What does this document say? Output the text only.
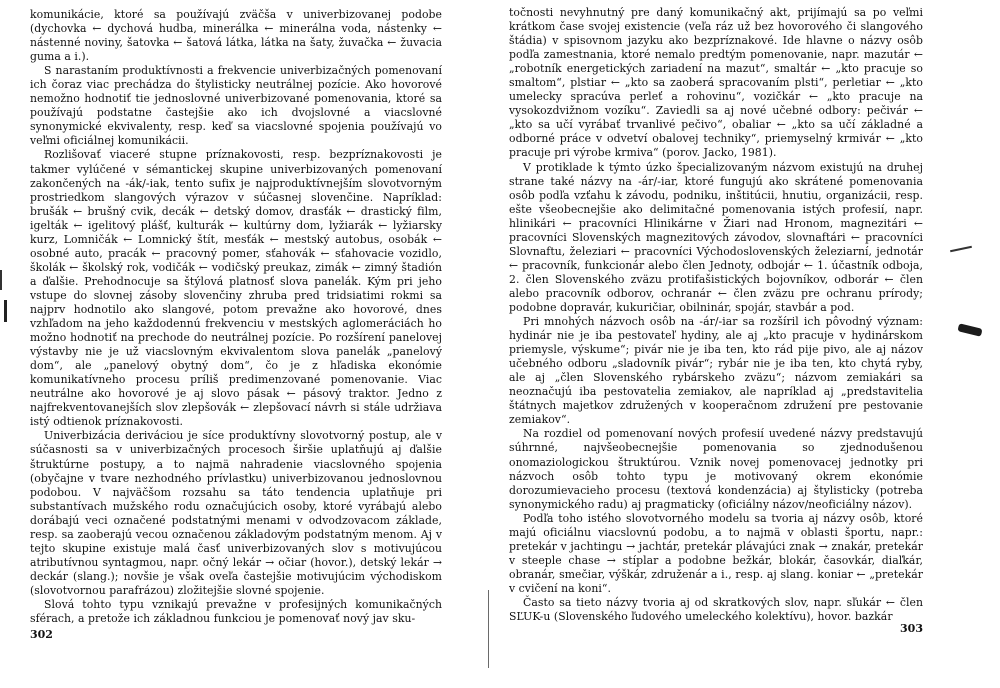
komunikácie, ktoré sa používajú zväčša v univerbizovanej podobe (dychovka ← dychová hudba, minerálka ← minerálna voda, nástenky ← nástenné noviny, šatovka ← šatová látka, látka na šaty, žuvačka ← žuvacia guma a i.).

S narastaním produktívnosti a frekvencie univerbizačných pomenovaní ich čoraz viac prechádza do štylisticky neutrálnej pozície. Ako hovorové nemožno hodnotiť tie jednoslovné univerbizované pomenovania, ktoré sa používajú podstatne častejšie ako ich dvojslovné a viacslovné synonymické ekvivalenty, resp. keď sa viacslovné spojenia používajú vo veľmi oficiálnej komunikácii.

Rozlišovať viaceré stupne príznakovosti, resp. bezpríznakovosti je takmer vylúčené v sémantickej skupine univerbizovaných pomenovaní zakončených na -ák/-iak, tento sufix je najproduktívnejším slovotvorným prostriedkom slangových výrazov v súčasnej slovenčine. Napríklad: brušák ← brušný cvik, decák ← detský domov, drasťák ← drastický film, igelták ← igelitový plášť, kulturák ← kultúrny dom, lyžiarák ← lyžiarsky kurz, Lomničák ← Lomnický štít, mesťák ← mestský autobus, osobák ← osobné auto, pracák ← pracovný pomer, sťahovák ← sťahovacie vozidlo, školák ← školský rok, vodičák ← vodičský preukaz, zimák ← zimný štadión a ďalšie. Prehodnocuje sa štýlová platnosť slova panelák. Kým pri jeho vstupe do slovnej zásoby slovenčiny zhruba pred tridsiatimi rokmi sa najprv hodnotilo ako slangové, potom prevažne ako hovorové, dnes vzhľadom na jeho každodennú frekvenciu v mestských aglomeráciách ho možno hodnotiť na prechode do neutrálnej pozície. Po rozšírení panelovej výstavby nie je už viacslovným ekvivalentom slova panelák „panelový dom“, ale „panelový obytný dom“, čo je z hľadiska ekonómie komunikatívneho procesu príliš predimenzované pomenovanie. Viac neutrálne ako hovorové je aj slovo pásak ← pásový traktor. Jedno z najfrekventovanejších slov zlepšovák ← zlepšovací návrh si stále udržiava istý odtienok príznakovosti.

Univerbizácia deriváciou je síce produktívny slovotvorný postup, ale v súčasnosti sa v univerbizačných procesoch širšie uplatňujú aj ďalšie štruktúrne postupy, a to najmä nahradenie viacslovného spojenia (obyčajne v tvare nezhodného prívlastku) univerbizovanou jednoslovnou podobou. V najväčšom rozsahu sa táto tendencia uplatňuje pri substantívach mužského rodu označujúcich osoby, ktoré vyrábajú alebo dorábajú veci označené podstatnými menami v odvodzovacom základe, resp. sa zaoberajú vecou označenou základovým podstatným menom. Aj v tejto skupine existuje malá časť univerbizovaných slov s motivujúcou atributívnou syntagmou, napr. očný lekár → očiar (hovor.), detský lekár → deckár (slang.); novšie je však oveľa častejšie motivujúcim východiskom (slovotvornou parafrázou) zložitejšie slovné spojenie.

Slová tohto typu vznikajú prevažne v profesijných komunikačných sférach, a pretože ich základnou funkciou je pomenovať nový jav sku-

302

točnosti nevyhnutný pre daný komunikačný akt, prijímajú sa po veľmi krátkom čase svojej existencie (veľa ráz už bez hovorového či slangového štádia) v spisovnom jazyku ako bezpríznakové. Ide hlavne o názvy osôb podľa zamestnania, ktoré nemalo predtým pomenovanie, napr. mazutár ← „robotník energetických zariadení na mazut“, smaltár ← „kto pracuje so smaltom“, plstiar ← „kto sa zaoberá spracovaním plsti“, perletiar ← „kto umelecky spracúva perleť a rohovinu“, vozičkár ← „kto pracuje na vysokozdvižnom vozíku“. Zaviedli sa aj nové učebné odbory: pečivár ← „kto sa učí vyrábať trvanlivé pečivo“, obaliar ← „kto sa učí základné a odborné práce v odvetví obalovej techniky“, priemyselný krmivár ← „kto pracuje pri výrobe krmiva“ (porov. Jacko, 1981).

V protiklade k týmto úzko špecializovaným názvom existujú na druhej strane také názvy na -ár/-iar, ktoré fungujú ako skrátené pomenovania osôb podľa vzťahu k závodu, podniku, inštitúcii, hnutiu, organizácii, resp. ešte všeobecnejšie ako delimitačné pomenovania istých profesií, napr. hlinikári ← pracovníci Hlinikárne v Žiari nad Hronom, magnezitári ← pracovníci Slovenských magnezitových závodov, slovnaftári ← pracovníci Slovnaftu, železiari ← pracovníci Východoslovenských železiarní, jednotár ← pracovník, funkcionár alebo člen Jednoty, odbojár ← 1. účastník odboja, 2. člen Slovenského zväzu protifašistických bojovníkov, odborár ← člen alebo pracovník odborov, ochranár ← člen zväzu pre ochranu prírody; podobne dopravár, kukuričiar, obilninár, spojár, stavbár a pod.

Pri mnohých názvoch osôb na -ár/-iar sa rozšíril ich pôvodný význam: hydinár nie je iba pestovateľ hydiny, ale aj „kto pracuje v hydinárskom priemysle, výskume“; pivár nie je iba ten, kto rád pije pivo, ale aj názov učebného odboru „sladovník pivár“; rybár nie je iba ten, kto chytá ryby, ale aj „člen Slovenského rybárskeho zväzu“; názvom zemiakári sa neoznačujú iba pestovatelia zemiakov, ale napríklad aj „predstavitelia štátnych majetkov združených v kooperačnom združení pre pestovanie zemiakov“.

Na rozdiel od pomenovaní nových profesií uvedené názvy predstavujú súhrnné, najvšeobecnejšie pomenovania so zjednodušenou onomaziologickou štruktúrou. Vznik novej pomenovacej jednotky pri názvoch osôb tohto typu je motivovaný okrem ekonómie dorozumievacieho procesu (textová kondenzácia) aj štylisticky (potreba synonymického radu) aj pragmaticky (oficiálny názov/neoficiálny názov).

Podľa toho istého slovotvorného modelu sa tvoria aj názvy osôb, ktoré majú oficiálnu viacslovnú podobu, a to najmä v oblasti športu, napr.: pretekár v jachtingu → jachtár, pretekár plávajúci znak → znakár, pretekár v steeple chase → stíplar a podobne bežkár, blokár, časovkár, diaľkár, obranár, smečiar, výškár, združenár a i., resp. aj slang. koniar ← „pretekár v cvičení na koni“.

Často sa tieto názvy tvoria aj od skratkových slov, napr. sľukár ← člen SĽUK-u (Slovenského ľudového umeleckého kolektívu), hovor. bazkár

303
